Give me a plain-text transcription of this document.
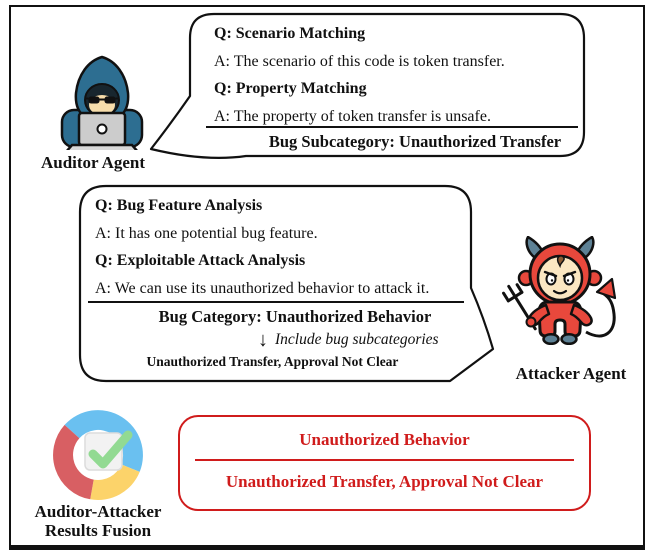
Auditor Agent
Q: Scenario Matching
A: The scenario of this code is token transfer.
Q: Property Matching
A: The property of token transfer is unsafe.
Bug Subcategory: Unauthorized Transfer
Q: Bug Feature Analysis
A: It has one potential bug feature.
Q: Exploitable Attack Analysis
A: We can use its unauthorized behavior to attack it.
Bug Category: Unauthorized Behavior
↓ Include bug subcategories
Unauthorized Transfer, Approval Not Clear
Attacker Agent
Auditor-Attacker
Results Fusion
Unauthorized Behavior
Unauthorized Transfer, Approval Not Clear
